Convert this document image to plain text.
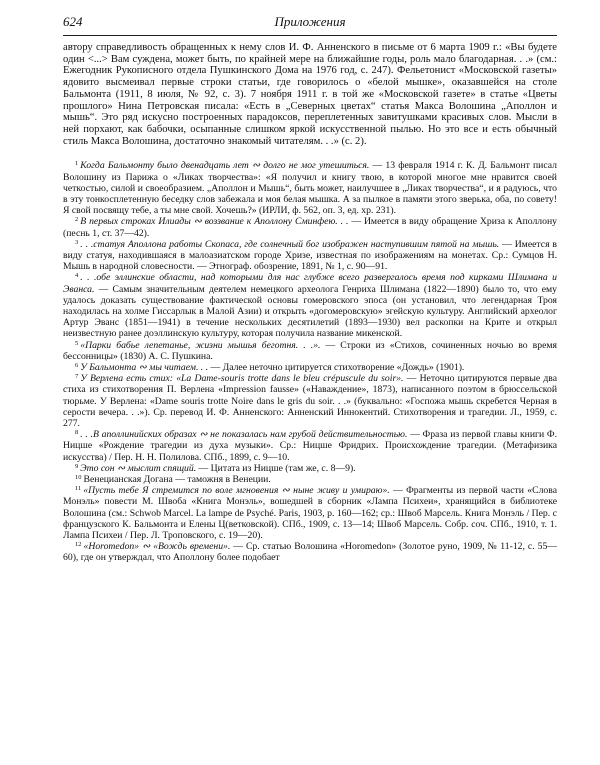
624	Приложения

автору справедливость обращенных к нему слов И. Ф. Анненского в письме от 6 марта 1909 г.: «Вы будете один <...> Вам суждена, может быть, по крайней мере на ближайшие годы, роль мало благодарная. . .» (см.: Ежегодник Рукописного отдела Пушкинского Дома на 1976 год, с. 247). Фельетонист «Московской газеты» ядовито высмеивал первые строки статьи, где говорилось о «белой мышке», оказавшейся на столе Бальмонта (1911, 8 июля, № 92, с. 3). 7 ноября 1911 г. в той же «Московской газете» в статье «Цветы прошлого» Нина Петровская писала: «Есть в „Северных цветах“ статья Макса Волошина „Аполлон и мышь“. Это ряд искусно построенных парадоксов, переплетенных завитушками красивых слов. Мысли в ней порхают, как бабочки, осыпанные слишком яркой искусственной пылью. Но это все и есть обычный стиль Макса Волошина, достаточно знакомый читателям. . .» (с. 2).

$^1$ Когда Бальмонту было двенадцать лет ∾ долго не мог утешиться. — 13 февраля 1914 г. К. Д. Бальмонт писал Волошину из Парижа о «Ликах творчества»: «Я получил и книгу твою, в которой многое мне нравится своей четкостью, силой и своеобразием. „Аполлон и Мышь“, быть может, наилучшее в „Ликах творчества“, и я радуюсь, что в эту тонкосплетенную беседку слов забежала и моя белая мышка. А за пылкое в памяти этого зверька, оба, по совету! Я свой посвящу тебе, а ты мне свой. Хочешь?» (ИРЛИ, ф. 562, оп. 3, ед. хр. 231).

$^2$ В первых строках Илиады ∾ воззвание к Аполлону Сминфею. . . — Имеется в виду обращение Хриза к Аполлону (песнь 1, ст. 37—42).

$^3$ . . .статуя Аполлона работы Скопаса, где солнечный бог изображен наступившим пятой на мышь. — Имеется в виду статуя, находившаяся в малоазиатском городе Хризе, известная по изображениям на монетах. Ср.: Сумцов Н. Мышь в народной словесности. — Этнограф. обозрение, 1891, № 1, с. 90—91.

$^4$ . . .обе эллинские области, над которыми для нас глубже всего развергалось время под кирками Шлимана и Эванса. — Самым значительным деятелем немецкого археолога Генриха Шлимана (1822—1890) было то, что ему удалось доказать существование фактической основы гомеровского эпоса (он установил, что легендарная Троя находилась на холме Гиссарлык в Малой Азии) и открыть «догомеровскую» эгейскую культуру. Английский археолог Артур Эванс (1851—1941) в течение нескольких десятилетий (1893—1930) вел раскопки на Крите и открыл неизвестную ранее доэллинскую культуру, которая получила название микенской.

$^5$ «Парки бабье лепетанье, жизни мышья беготня. . .». — Строки из «Стихов, сочиненных ночью во время бессонницы» (1830) А. С. Пушкина.

$^6$ У Бальмонта ∾ мы читаем. . . — Далее неточно цитируется стихотворение «Дождь» (1901).

$^7$ У Верлена есть стих: «La Dame-souris trotte dans le bleu crépuscule du soir». — Неточно цитируются первые два стиха из стихотворения П. Верлена «Impression fausse» («Наваждение», 1873), написанного поэтом в брюссельской тюрьме. У Верлена: «Dame souris trotte Noire dans le gris du soir. . .» (буквально: «Госпожа мышь скребется Черная в серости вечера. . .»). Ср. перевод И. Ф. Анненского: Анненский Иннокентий. Стихотворения и трагедии. Л., 1959, с. 277.

$^8$ . . .В аполлинийских образах ∾ не показалась нам грубой действительностью. — Фраза из первой главы книги Ф. Ницше «Рождение трагедии из духа музыки». Ср.: Ницше Фридрих. Происхождение трагедии. (Метафизика искусства) / Пер. Н. Н. Полилова. СПб., 1899, с. 9—10.

$^9$ Это сон ∾ мыслит спящий. — Цитата из Ницше (там же, с. 8—9).

$^{10}$ Венецианская Догана — таможня в Венеции.

$^{11}$ «Пусть тебе Я стремится по воле мгновения ∾ ныне живу и умираю». — Фрагменты из первой части «Слова Монэль» повести М. Швоба «Книга Монэль», вошедшей в сборник «Лампа Психеи», хранящийся в библиотеке Волошина (см.: Schwob Marcel. La lampe de Psyché. Paris, 1903, p. 160—162; ср.: Швоб Марсель. Книга Монэль / Пер. с французского К. Бальмонта и Елены Ц(ветковской). СПб., 1909, с. 13—14; Швоб Марсель. Собр. соч. СПб., 1910, т. 1. Лампа Психеи / Пер. Л. Троповского, с. 19—20).

$^{12}$ «Horomedon» ∾ «Вождь времени». — Ср. статью Волошина «Horomedon» (Золотое руно, 1909, № 11-12, с. 55—60), где он утверждал, что Аполлону более подобает
